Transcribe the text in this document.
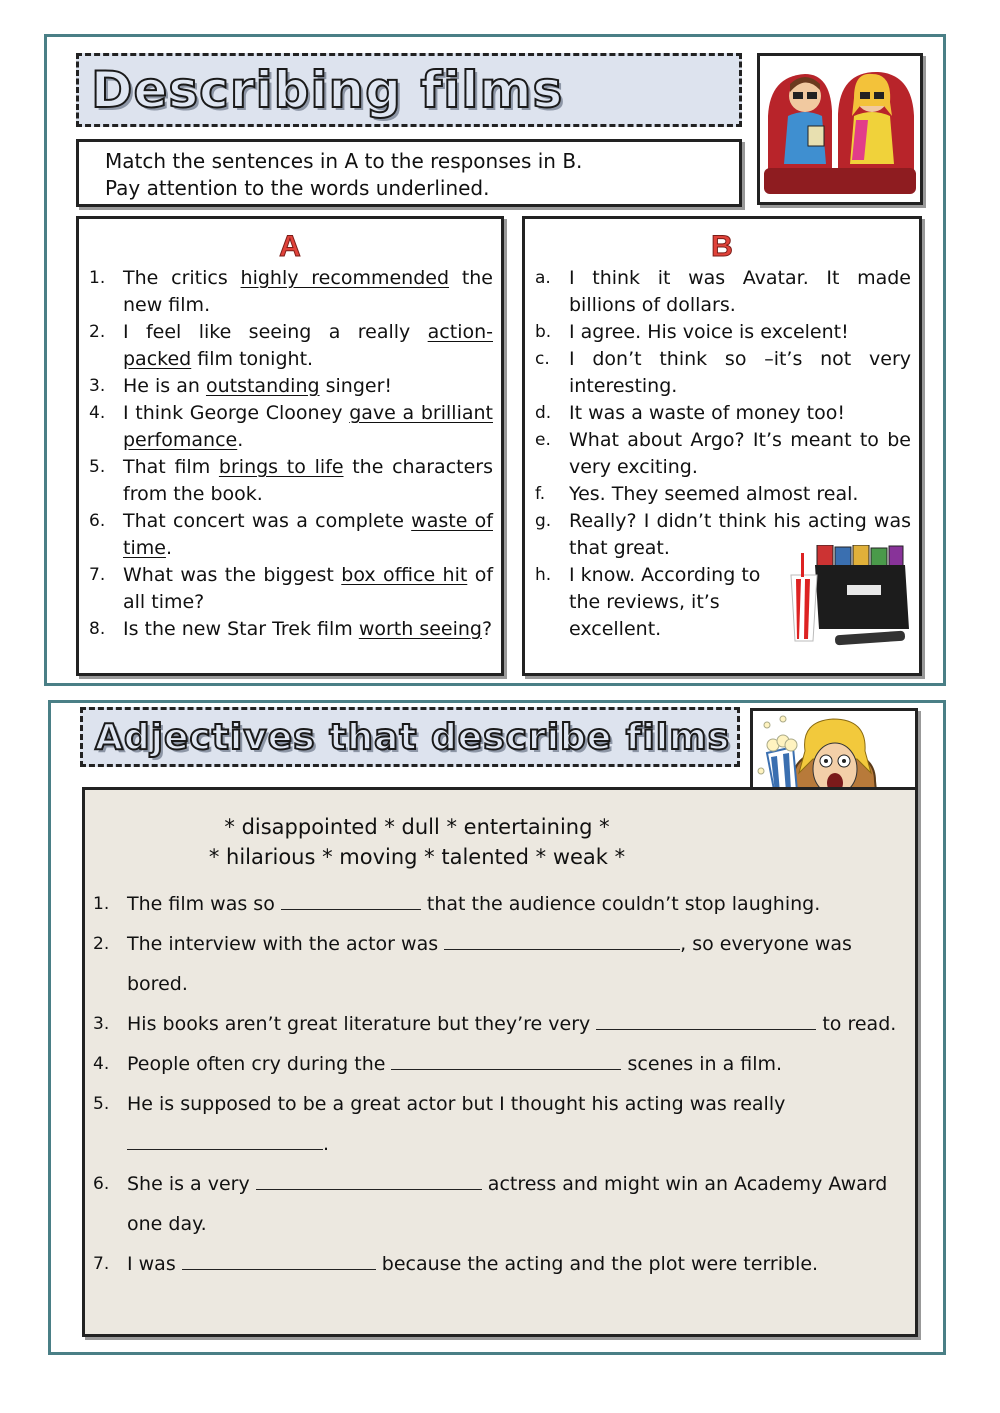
Describing films
Match the sentences in A to the responses in B.
Pay attention to the words underlined.
A
1. The critics highly recommended the new film.
2. I feel like seeing a really action-packed film tonight.
3. He is an outstanding singer!
4. I think George Clooney gave a brilliant perfomance.
5. That film brings to life the characters from the book.
6. That concert was a complete waste of time.
7. What was the biggest box office hit of all time?
8. Is the new Star Trek film worth seeing?
B
a. I think it was Avatar. It made billions of dollars.
b. I agree. His voice is excelent!
c.	I don’t think so –it’s not very interesting.
d. It was a waste of money too!
e. What about Argo? It’s meant to be very exciting.
f.	Yes. They seemed almost real.
g. Really? I didn’t think his acting was that great.
h. I know. According to the reviews, it’s excellent.
Adjectives that describe films
* disappointed * dull * entertaining *
* hilarious * moving * talented * weak *
1. The film was so	that the audience couldn’t stop laughing.
2. The interview with the actor was	, so everyone was bored.
3. His books aren’t great literature but they’re very	to read.
4. People often cry during the	scenes in a film.
5. He is supposed to be a great actor but I thought his acting was really .
6. She is a very	actress and might win an Academy Award one day.
7. I was	because the acting and the plot were terrible.
